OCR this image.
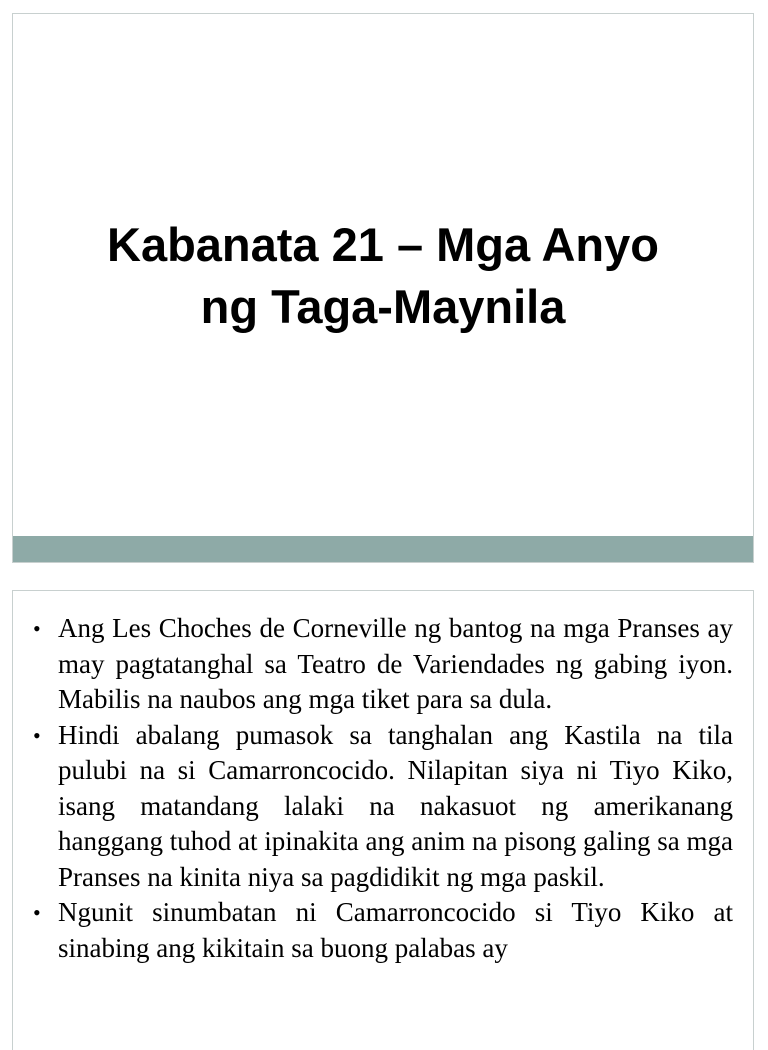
Kabanata 21 – Mga Anyo
ng Taga-Maynila
• Ang Les Choches de Corneville ng bantog na mga Pranses ay may pagtatanghal sa Teatro de Variendades ng gabing iyon. Mabilis na naubos ang mga tiket para sa dula.
• Hindi abalang pumasok sa tanghalan ang Kastila na tila pulubi na si Camarroncocido. Nilapitan siya ni Tiyo Kiko, isang matandang lalaki na nakasuot ng amerikanang hanggang tuhod at ipinakita ang anim na pisong galing sa mga Pranses na kinita niya sa pagdidikit ng mga paskil.
• Ngunit sinumbatan ni Camarroncocido si Tiyo Kiko at sinabing ang kikitain sa buong palabas ay
